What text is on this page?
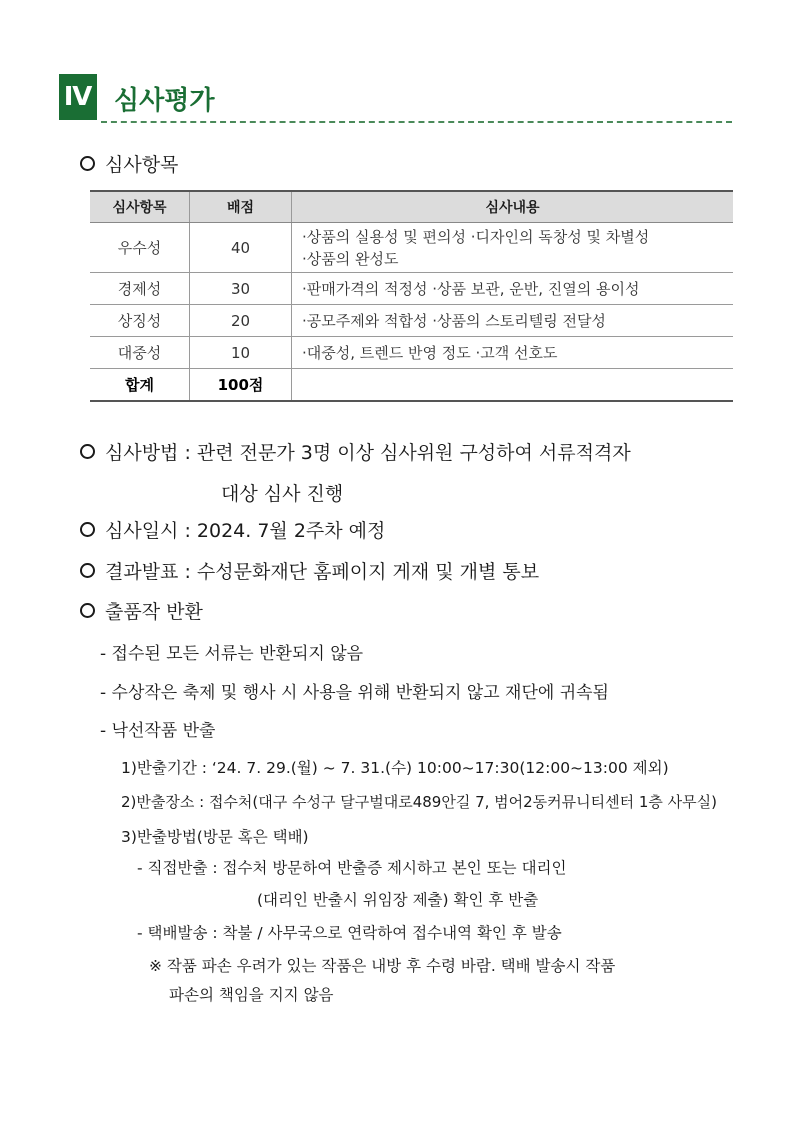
Ⅳ 심사평가
심사항목
심사항목	배점	심사내용
우수성	40	·상품의 실용성 및 편의성 ·디자인의 독창성 및 차별성
·상품의 완성도

경제성	30	·판매가격의 적정성 ·상품 보관, 운반, 진열의 용이성
상징성	20	·공모주제와 적합성 ·상품의 스토리텔링 전달성
대중성	10	·대중성, 트렌드 반영 정도 ·고객 선호도
합계	100점	
심사방법 : 관련 전문가 3명 이상 심사위원 구성하여 서류적격자
대상 심사 진행
심사일시 : 2024. 7월 2주차 예정
결과발표 : 수성문화재단 홈페이지 게재 및 개별 통보
출품작 반환
- 접수된 모든 서류는 반환되지 않음
- 수상작은 축제 및 행사 시 사용을 위해 반환되지 않고 재단에 귀속됨
- 낙선작품 반출
1)반출기간 : ‘24. 7. 29.(월) ~ 7. 31.(수) 10:00~17:30(12:00~13:00 제외)
2)반출장소 : 접수처(대구 수성구 달구벌대로489안길 7, 범어2동커뮤니티센터 1층 사무실)
3)반출방법(방문 혹은 택배)
- 직접반출 : 접수처 방문하여 반출증 제시하고 본인 또는 대리인
(대리인 반출시 위임장 제출) 확인 후 반출
- 택배발송 : 착불 / 사무국으로 연락하여 접수내역 확인 후 발송
※ 작품 파손 우려가 있는 작품은 내방 후 수령 바람. 택배 발송시 작품
파손의 책임을 지지 않음
